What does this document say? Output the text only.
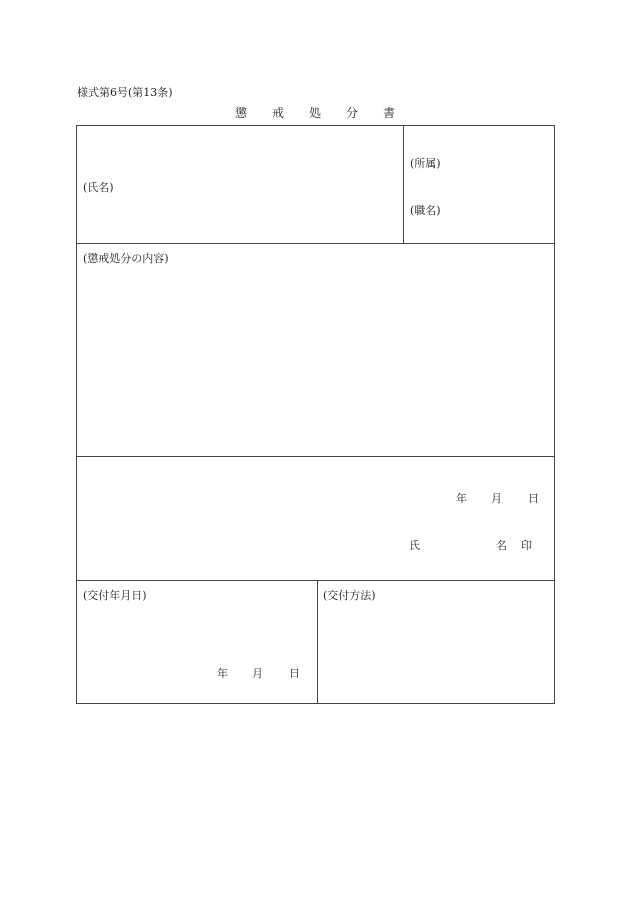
様式第6号(第13条)
懲戒処分書
(氏名)
(所属)
(職名)
(懲戒処分の内容)
年 月 日
氏	名 印
(交付年月日)
年 月 日
(交付方法)
